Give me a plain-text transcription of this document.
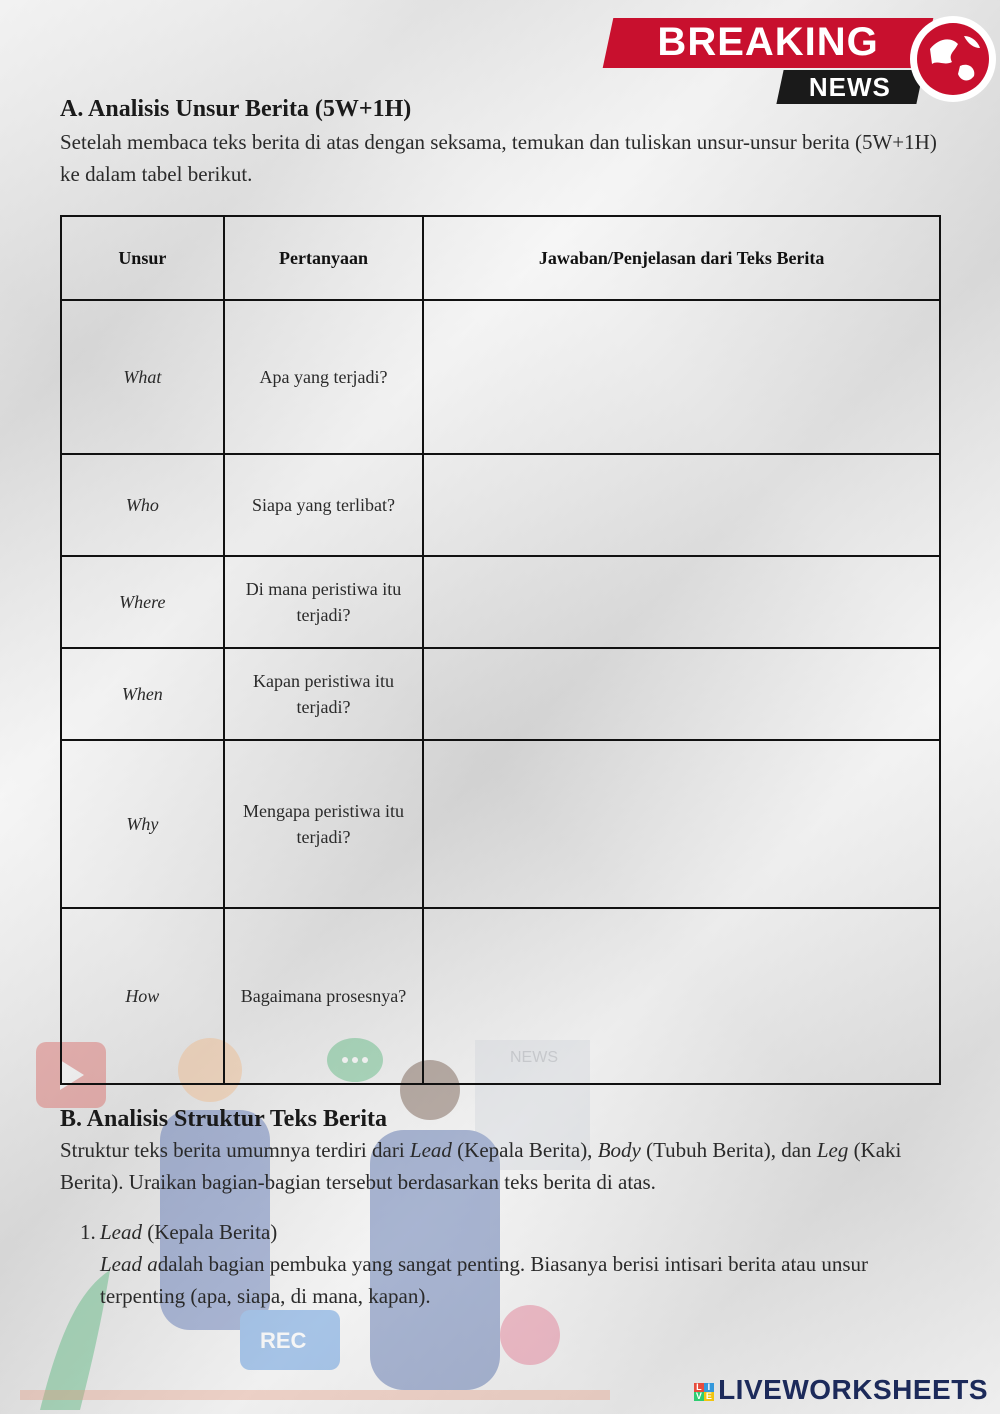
NEWS
REC
BREAKING
NEWS
A. Analisis Unsur Berita (5W+1H)
Setelah membaca teks berita di atas dengan seksama, temukan dan tuliskan unsur-unsur berita (5W+1H) ke dalam tabel berikut.
Unsur	Pertanyaan	Jawaban/Penjelasan dari Teks Berita
What	Apa yang terjadi?	
Who	Siapa yang terlibat?	
Where	Di mana peristiwa itu terjadi?	
When	Kapan peristiwa itu terjadi?	
Why	Mengapa peristiwa itu terjadi?	
How	Bagaimana prosesnya?	
B. Analisis Struktur Teks Berita
Struktur teks berita umumnya terdiri dari Lead (Kepala Berita), Body (Tubuh Berita), dan Leg (Kaki Berita). Uraikan bagian-bagian tersebut berdasarkan teks berita di atas.
1. Lead (Kepala Berita)
Lead adalah bagian pembuka yang sangat penting. Biasanya berisi intisari berita atau unsur terpenting (apa, siapa, di mana, kapan).
L I
V E LIVEWORKSHEETS
